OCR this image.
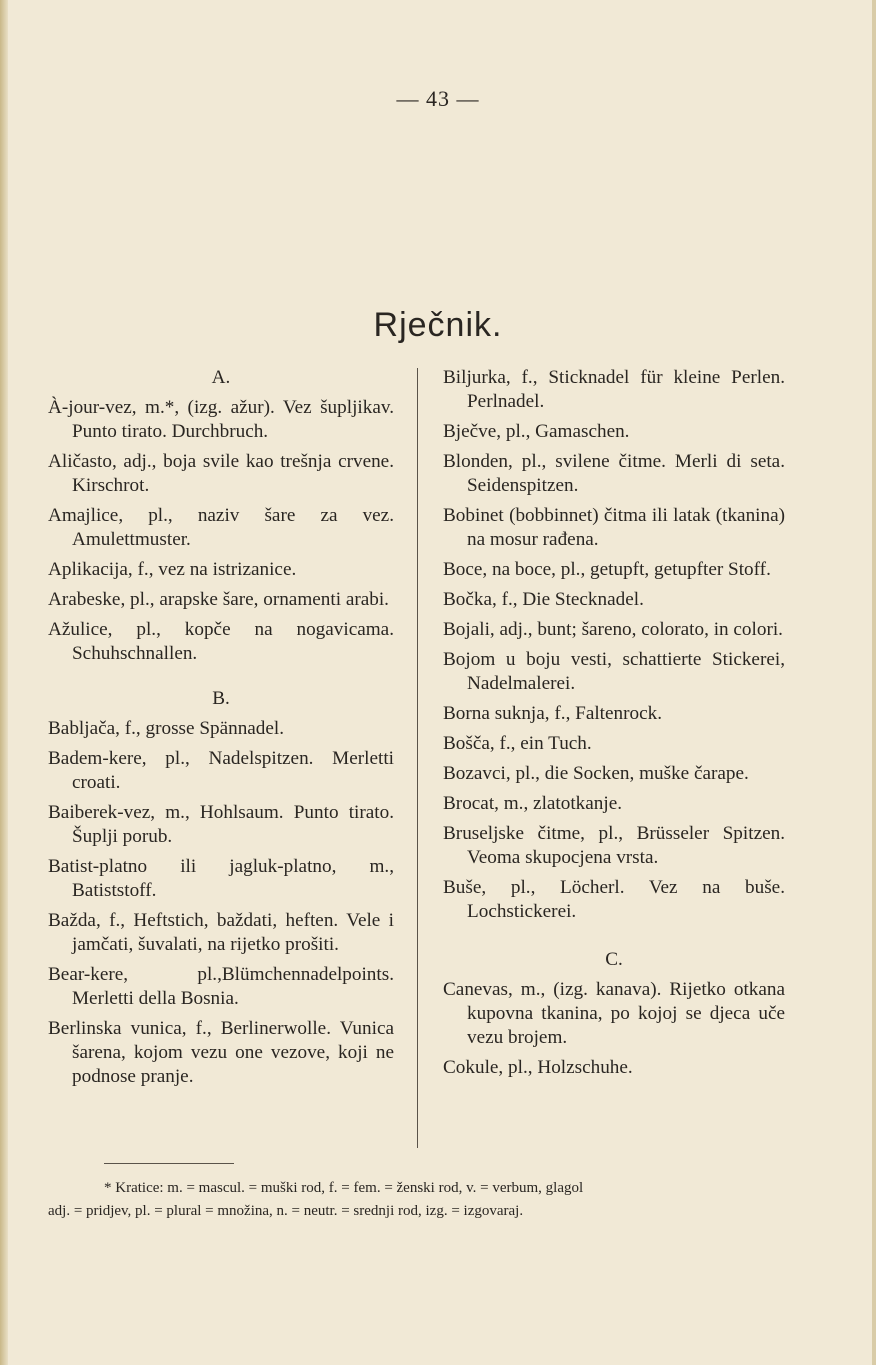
— 43 —
Rječnik.
A.
À-jour-vez, m.*, (izg. ažur). Vez šupljikav. Punto tirato. Durchbruch.
Aličasto, adj., boja svile kao trešnja crvene. Kirschrot.
Amajlice, pl., naziv šare za vez. Amulettmuster.
Aplikacija, f., vez na istrizanice.
Arabeske, pl., arapske šare, ornamenti arabi.
Ažulice, pl., kopče na nogavicama. Schuhschnallen.
B.
Babljača, f., grosse Spännadel.
Badem-kere, pl., Nadelspitzen. Merletti croati.
Baiberek-vez, m., Hohlsaum. Punto tirato. Šuplji porub.
Batist-platno ili jagluk-platno, m., Batiststoff.
Bažda, f., Heftstich, baždati, heften. Vele i jamčati, šuvalati, na rijetko prošiti.
Bear-kere, pl.,Blümchennadelpoints. Merletti della Bosnia.
Berlinska vunica, f., Berlinerwolle. Vunica šarena, kojom vezu one vezove, koji ne podnose pranje.
Biljurka, f., Sticknadel für kleine Perlen. Perlnadel.
Bječve, pl., Gamaschen.
Blonden, pl., svilene čitme. Merli di seta. Seidenspitzen.
Bobinet (bobbinnet) čitma ili latak (tkanina) na mosur rađena.
Boce, na boce, pl., getupft, getupfter Stoff.
Bočka, f., Die Stecknadel.
Bojali, adj., bunt; šareno, colorato, in colori.
Bojom u boju vesti, schattierte Stickerei, Nadelmalerei.
Borna suknja, f., Faltenrock.
Bošča, f., ein Tuch.
Bozavci, pl., die Socken, muške čarape.
Brocat, m., zlatotkanje.
Bruseljske čitme, pl., Brüsseler Spitzen. Veoma skupocjena vrsta.
Buše, pl., Löcherl. Vez na buše. Lochstickerei.
C.
Canevas, m., (izg. kanava). Rijetko otkana kupovna tkanina, po kojoj se djeca uče vezu brojem.
Cokule, pl., Holzschuhe.
* Kratice: m. = mascul. = muški rod, f. = fem. = ženski rod, v. = verbum, glagol
adj. = pridjev, pl. = plural = množina, n. = neutr. = srednji rod, izg. = izgovaraj.
